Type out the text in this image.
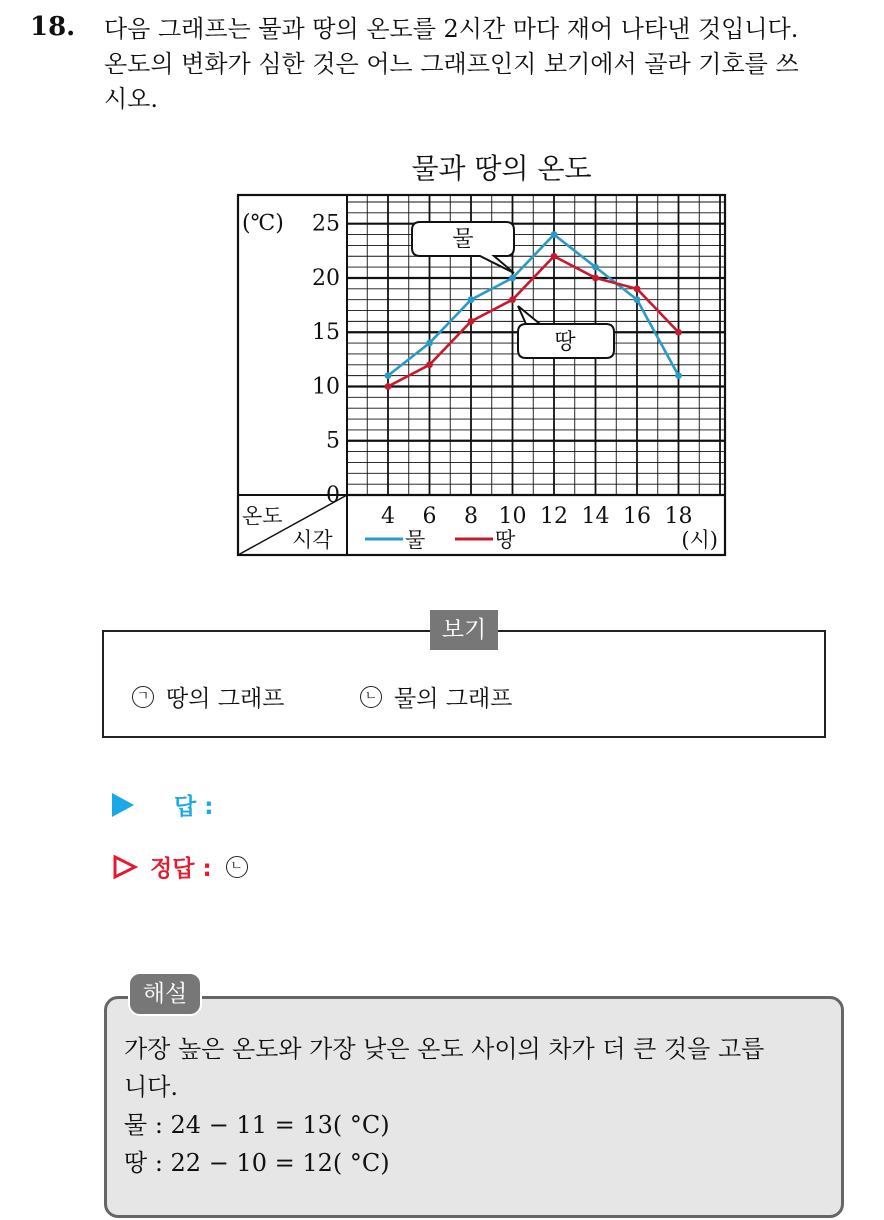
18. 다음 그래프는 물과 땅의 온도를 2시간 마다 재어 나타낸 것입니다.
온도의 변화가 심한 것은 어느 그래프인지 보기에서 골라 기호를 쓰
시오.
물과 땅의 온도
(℃)
0
5
10
15
20
25
온도
시각
4 6 8 10 12 14 16 18
(시)
물	땅
물
땅
보기
ㄱ 땅의 그래프	ㄴ 물의 그래프
답 :
정답 :	ㄴ
해설
가장 높은 온도와 가장 낮은 온도 사이의 차가 더 큰 것을 고릅
니다.
물 : 24 − 11 = 13( °C)
땅 : 22 − 10 = 12( °C)
